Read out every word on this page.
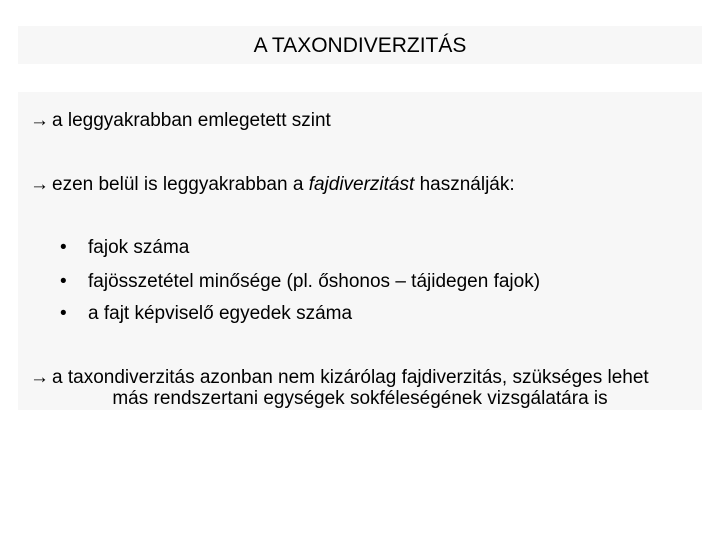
A TAXONDIVERZITÁS
→ a leggyakrabban emlegetett szint
→ ezen belül is leggyakrabban a fajdiverzitást használják:
• fajok száma
• fajösszetétel minősége (pl. őshonos – tájidegen fajok)
• a fajt képviselő egyedek száma
→ a taxondiverzitás azonban nem kizárólag fajdiverzitás, szükséges lehet
más rendszertani egységek sokféleségének vizsgálatára is
